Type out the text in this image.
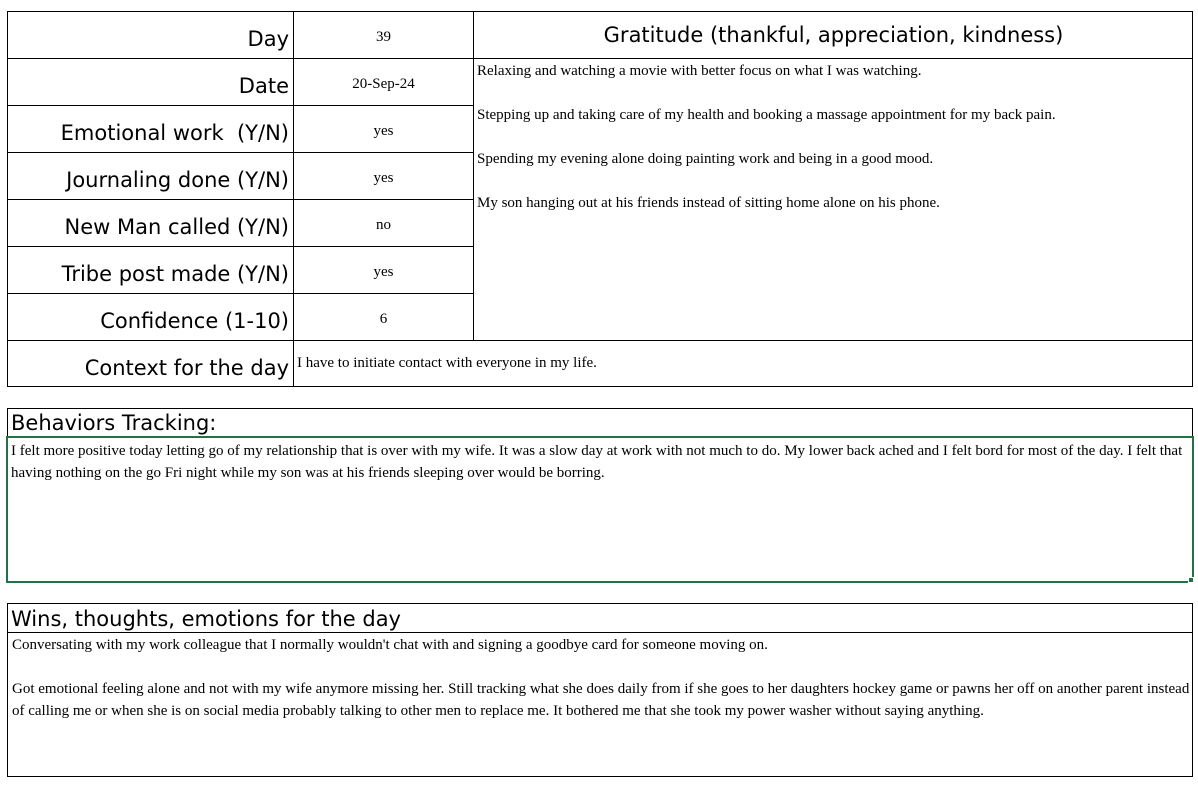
Day
Date
Emotional work  (Y/N)
Journaling done (Y/N)
New Man called (Y/N)
Tribe post made (Y/N)
Confidence (1-10)
Context for the day
39
20-Sep-24
yes
yes
no
yes
6
Gratitude (thankful, appreciation, kindness)
Relaxing and watching a movie with better focus on what I was watching.
Stepping up and taking care of my health and booking a massage appointment for my back pain.
Spending my evening alone doing painting work and being in a good mood.
My son hanging out at his friends instead of sitting home alone on his phone.
I have to initiate contact with everyone in my life.
Behaviors Tracking:
I felt more positive today letting go of my relationship that is over with my wife. It was a slow day at work with not much to do. My lower back ached and I felt bord for most of the day. I felt that having nothing on the go Fri night while my son was at his friends sleeping over would be borring.
Wins, thoughts, emotions for the day
Conversating with my work colleague that I normally wouldn't chat with and signing a goodbye card for someone moving on.
Got emotional feeling alone and not with my wife anymore missing her. Still tracking what she does daily from if she goes to her daughters hockey game or pawns her off on another parent instead of calling me or when she is on social media probably talking to other men to replace me. It bothered me that she took my power washer without saying anything.
